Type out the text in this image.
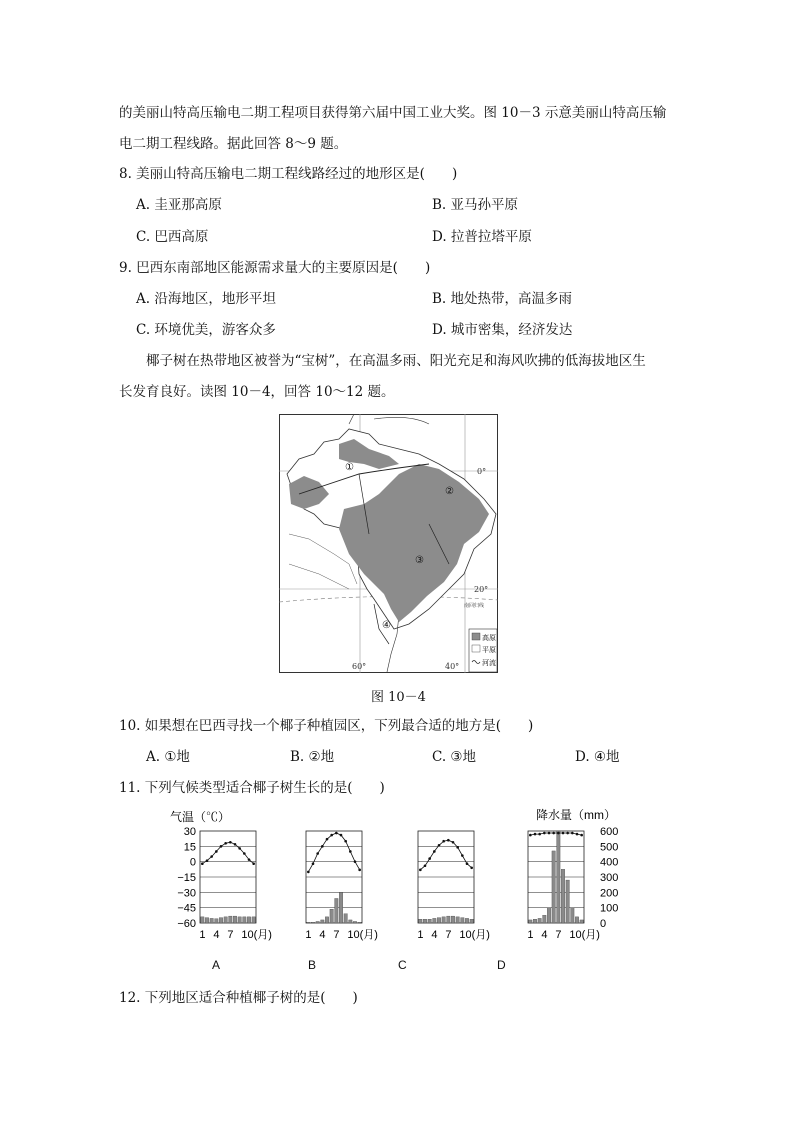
的美丽山特高压输电二期工程项目获得第六届中国工业大奖。图 10－3 示意美丽山特高压输
电二期工程线路。据此回答 8～9 题。
8. 美丽山特高压输电二期工程线路经过的地形区是(　　)
A. 圭亚那高原	B. 亚马孙平原
C. 巴西高原	D. 拉普拉塔平原
9. 巴西东南部地区能源需求量大的主要原因是(　　)
A. 沿海地区，地形平坦	B. 地处热带，高温多雨
C. 环境优美，游客众多	D. 城市密集，经济发达
椰子树在热带地区被誉为“宝树”，在高温多雨、阳光充足和海风吹拂的低海拔地区生
长发育良好。读图 10－4，回答 10～12 题。
①
②
③
④
0°
20°
南回归线
60°	40°
高原
平原
河流
图 10－4
10. 如果想在巴西寻找一个椰子种植园区，下列最合适的地方是(　　)
A. ①地	B. ②地	C. ③地	D. ④地
11. 下列气候类型适合椰子树生长的是(　　)
气温（℃）	降水量（mm）
30
15
0
−15
−30
−45
−60
600
500
400
300
200
100
0
1 4 7 10(月)	1 4 7 10(月)	1 4 7 10(月)	1 4 7 10(月)
A	B	C	D
12. 下列地区适合种植椰子树的是(　　)
